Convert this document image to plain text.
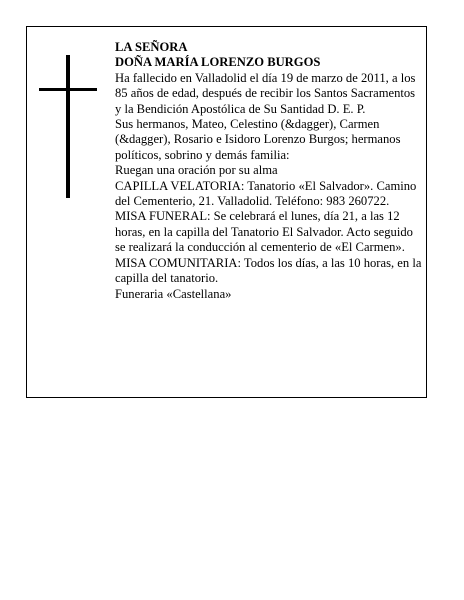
LA SEÑORA

DOÑA MARÍA LORENZO BURGOS

Ha fallecido en Valladolid el día 19 de marzo de 2011, a los 85 años de edad, después de recibir los Santos Sacramentos y la Bendición Apostólica de Su Santidad D. E. P.

Sus hermanos, Mateo, Celestino (&dagger), Carmen (&dagger), Rosario e Isidoro Lorenzo Burgos; hermanos políticos, sobrino y demás familia:

Ruegan una oración por su alma

CAPILLA VELATORIA: Tanatorio «El Salvador». Camino del Cementerio, 21. Valladolid. Teléfono: 983 260722.

MISA FUNERAL: Se celebrará el lunes, día 21, a las 12 horas, en la capilla del Tanatorio El Salvador. Acto seguido se realizará la conducción al cementerio de «El Carmen».

MISA COMUNITARIA: Todos los días, a las 10 horas, en la capilla del tanatorio.

Funeraria «Castellana»
